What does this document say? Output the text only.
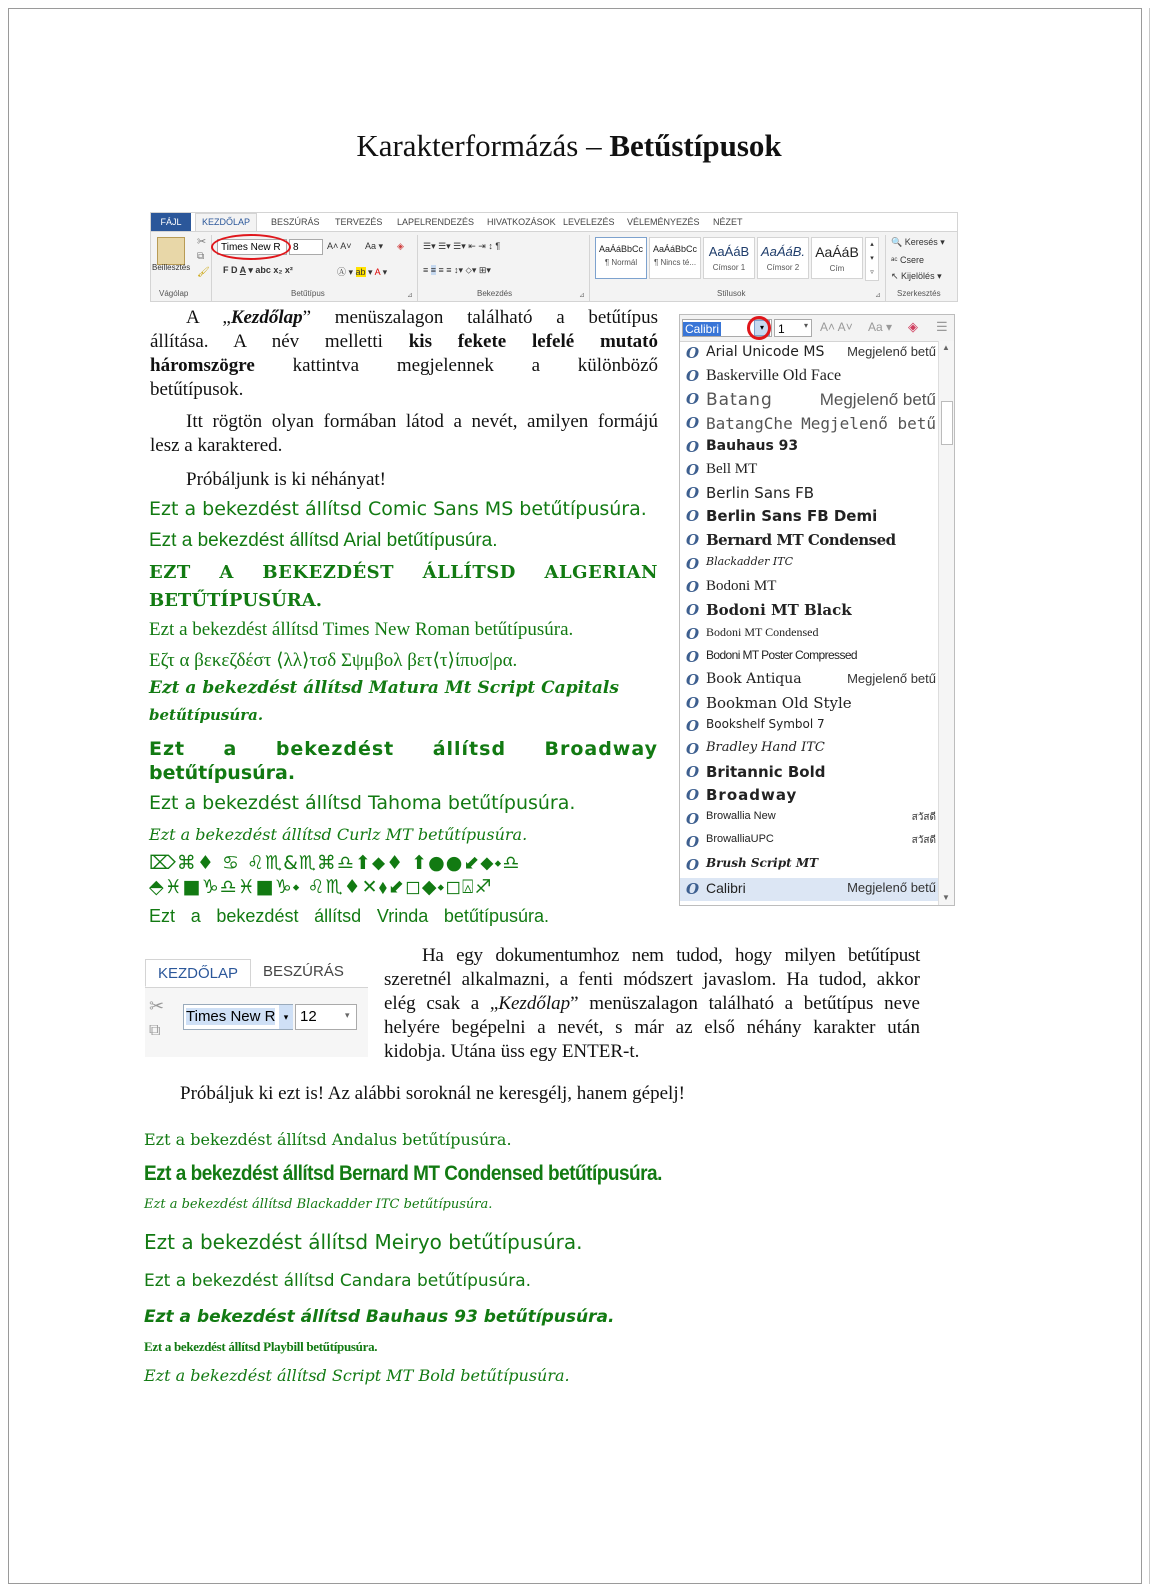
Karakterformázás – Betűstípusok
FÁJL	KEZDŐLAP	BESZÚRÁS TERVEZÉS LAPELRENDEZÉS HIVATKOZÁSOK LEVELEZÉS VÉLEMÉNYEZÉS NÉZET
Beillesztés
✂
⧉
🖌
Vágólap
Times New R	8	A˄ A˅ Aa ▾ ◈
F D A ▾ abc x₂ x²	Ⓐ ▾ ab ▾ A ▾
Betűtípus	⊿
☰▾ ☰▾ ☰▾ ⇤ ⇥ ↕ ¶
≡ ≡ ≡ ≡ ↕▾ ⬦▾ ⊞▾
Bekezdés	⊿
AaÁáBbCc
¶ Normál
AaÁáBbCc
¶ Nincs té...
AaÁáB
Címsor 1
AaÁáB.
Címsor 2
AaÁáB
Cím
▴
▾
▿
Stílusok	⊿
🔍 Keresés ▾
ᵃᶜ Csere
↖ Kijelölés ▾
Szerkesztés
A „Kezdőlap” menüszalagon található a betűtípus
állítása. A név melletti kis fekete lefelé mutató
háromszögre kattintva megjelennek a különböző
betűtípusok.
Itt rögtön olyan formában látod a nevét, amilyen formájú
lesz a karaktered.
Próbáljunk is ki néhányat!
Ezt a bekezdést állítsd Comic Sans MS betűtípusúra.
Ezt a bekezdést állítsd Arial betűtípusúra.
EZT A BEKEZDÉST ÁLLÍTSD ALGERIAN
BETŰTÍPUSÚRA.
Ezt a bekezdést állítsd Times New Roman betűtípusúra.
Εζτ α βεκεζδέστ ⟨λλ⟩τσδ Σψμβολ βετ⟨τ⟩ίπυσ|ρα.
Ezt a bekezdést állítsd Matura Mt Script Capitals
betűtípusúra.
Ezt a bekezdést állítsd Broadway
betűtípusúra.
Ezt a bekezdést állítsd Tahoma betűtípusúra.
Ezt a bekezdést állítsd Curlz MT betűtípusúra.
⌦⌘♦ ♋ ♌♏&♏⌘♎⬆⬥♦ ⬆●●⬋⬥⬩♎
⬘♓■♑♎♓■♑⬩ ♌♏♦✕⬧⬋◻◆⬩◻⍓♐
Ezt a bekezdést állítsd Vrinda betűtípusúra.
Calibri	▾	1	▾ A˄ A˅ Aa ▾ ◈ ☰
O Arial Unicode MS Megjelenő betű
O Baskerville Old Face
O Batang	Megjelenő betű
O BatangChe Megjelenő betű
O Bauhaus 93
O Bell MT
O Berlin Sans FB
O Berlin Sans FB Demi
O Bernard MT Condensed
O Blackadder ITC
O Bodoni MT
O Bodoni MT Black
O Bodoni MT Condensed
O Bodoni MT Poster Compressed
O Book Antiqua	Megjelenő betű
O Bookman Old Style
O Bookshelf Symbol 7
O Bradley Hand ITC
O Britannic Bold
O Broadway
O Browallia New	สวัสดี
O BrowalliaUPC	สวัสดี
O Brush Script MT
O Calibri	Megjelenő betű
▲
▼
KEZDŐLAP	BESZÚRÁS
✂
⧉
Times New R ▾ 12	▾
Ha egy dokumentumhoz nem tudod, hogy milyen betűtípust
szeretnél alkalmazni, a fenti módszert javaslom. Ha tudod, akkor
elég csak a „Kezdőlap” menüszalagon található a betűtípus neve
helyére begépelni a nevét, s már az első néhány karakter után
kidobja. Utána üss egy ENTER-t.
Próbáljuk ki ezt is! Az alábbi soroknál ne keresgélj, hanem gépelj!
Ezt a bekezdést állítsd Andalus betűtípusúra.
Ezt a bekezdést állítsd Bernard MT Condensed betűtípusúra.
Ezt a bekezdést állítsd Blackadder ITC betűtípusúra.
Ezt a bekezdést állítsd Meiryo betűtípusúra.
Ezt a bekezdést állítsd Candara betűtípusúra.
Ezt a bekezdést állítsd Bauhaus 93 betűtípusúra.
Ezt a bekezdést állítsd Playbill betűtípusúra.
Ezt a bekezdést állítsd Script MT Bold betűtípusúra.
